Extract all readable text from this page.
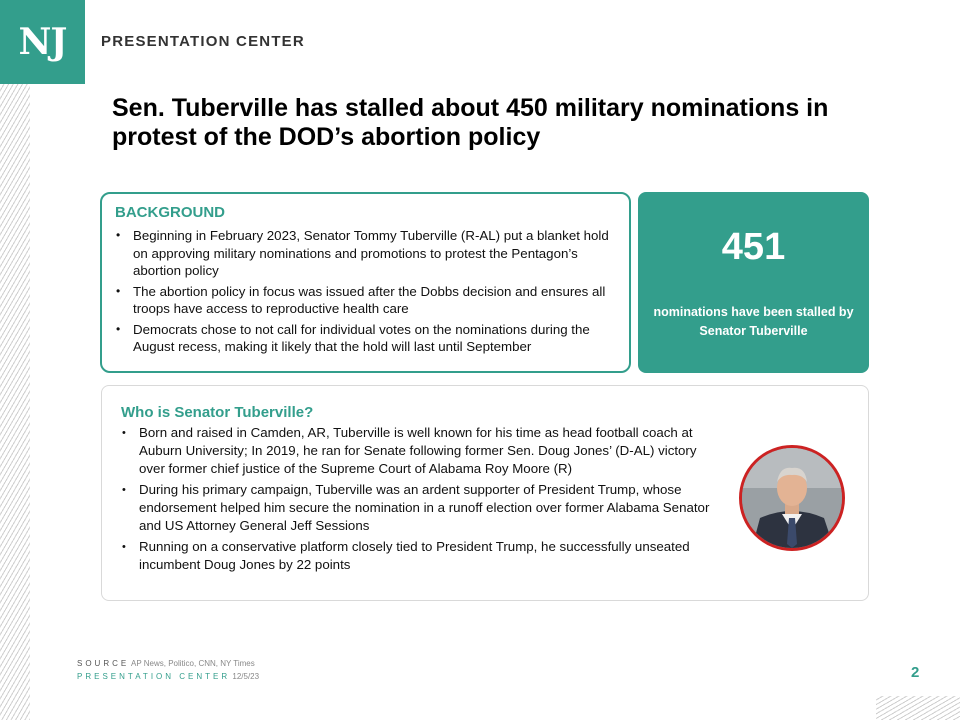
NJ PRESENTATION CENTER
Sen. Tuberville has stalled about 450 military nominations in protest of the DOD’s abortion policy
BACKGROUND
• Beginning in February 2023, Senator Tommy Tuberville (R-AL) put a blanket hold on approving military nominations and promotions to protest the Pentagon’s abortion policy
• The abortion policy in focus was issued after the Dobbs decision and ensures all troops have access to reproductive health care
• Democrats chose to not call for individual votes on the nominations during the August recess, making it likely that the hold will last until September
451
nominations have been stalled by Senator Tuberville
Who is Senator Tuberville?
• Born and raised in Camden, AR, Tuberville is well known for his time as head football coach at Auburn University; In 2019, he ran for Senate following former Sen. Doug Jones’ (D-AL) victory over former chief justice of the Supreme Court of Alabama Roy Moore (R)
• During his primary campaign, Tuberville was an ardent supporter of President Trump, whose endorsement helped him secure the nomination in a runoff election over former Alabama Senator and US Attorney General Jeff Sessions
• Running on a conservative platform closely tied to President Trump, he successfully unseated incumbent Doug Jones by 22 points
SOURCE AP News, Politico, CNN, NY Times
PRESENTATION CENTER 12/5/23	2
